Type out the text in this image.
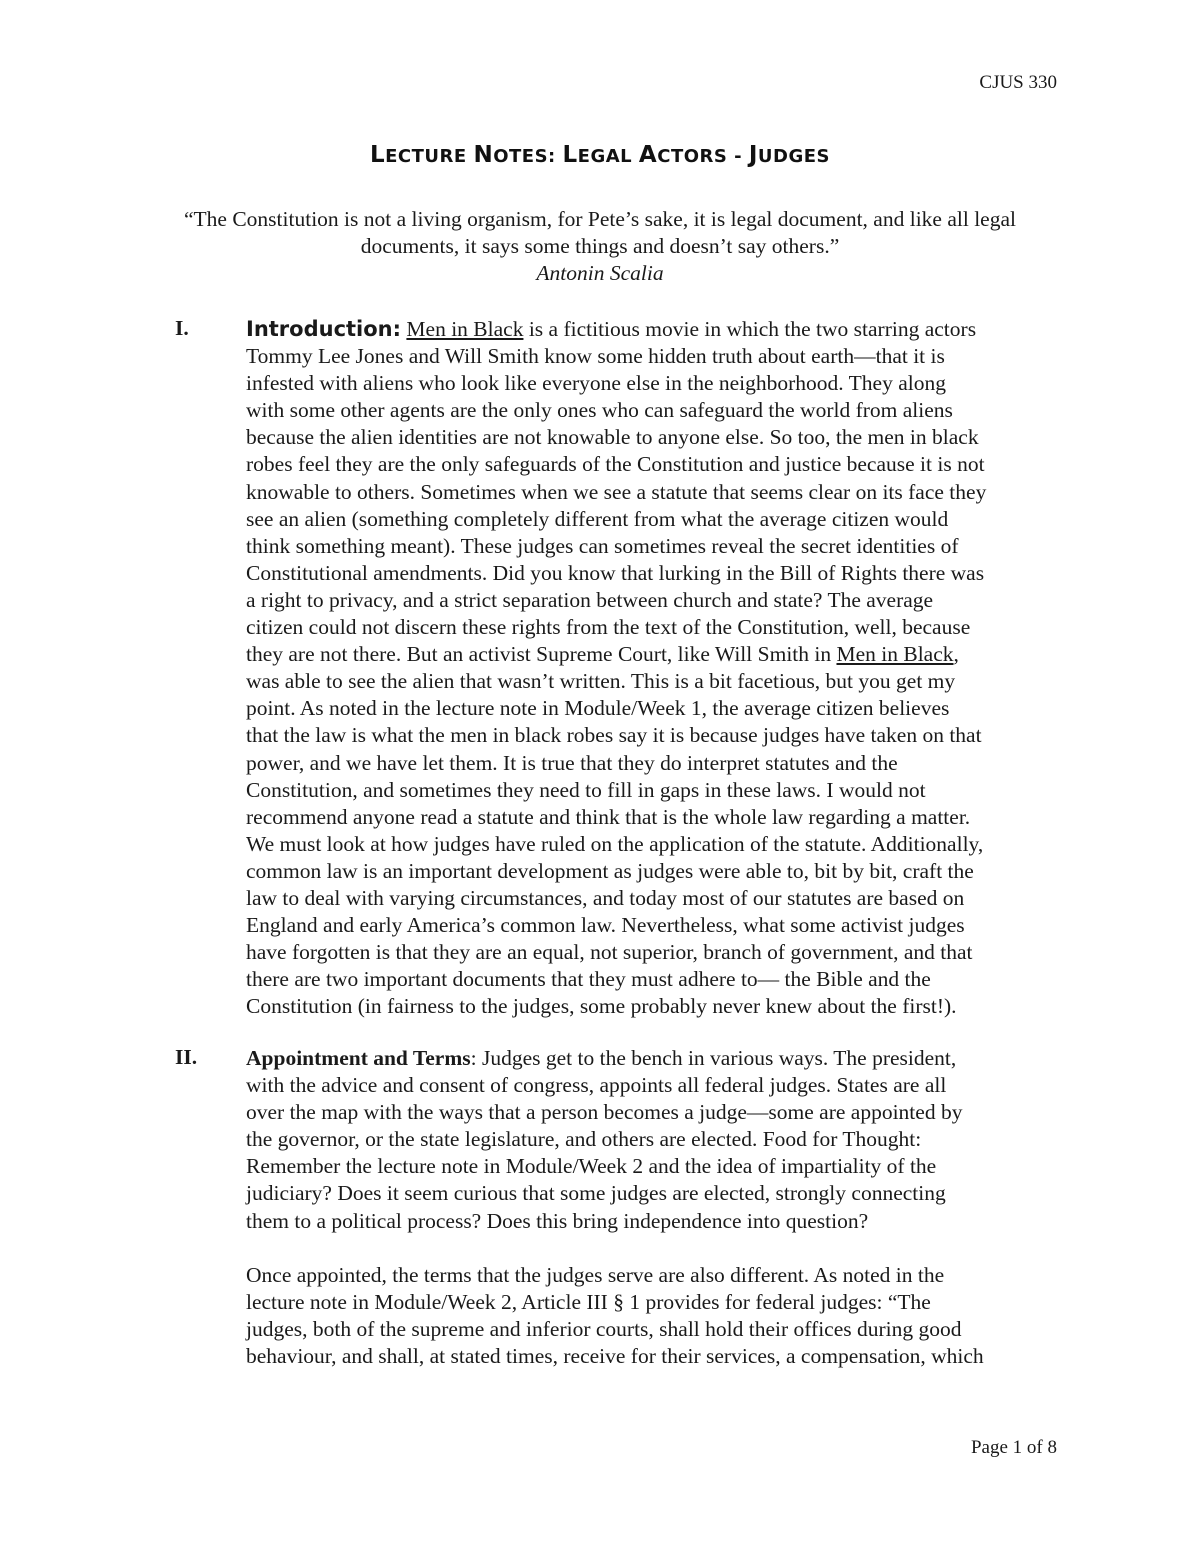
CJUS 330
LECTURE NOTES: LEGAL ACTORS - JUDGES
“The Constitution is not a living organism, for Pete’s sake, it is legal document, and like all legal
documents, it says some things and doesn’t say others.”
Antonin Scalia
I.	Introduction: Men in Black is a fictitious movie in which the two starring actors
Tommy Lee Jones and Will Smith know some hidden truth about earth—that it is
infested with aliens who look like everyone else in the neighborhood. They along
with some other agents are the only ones who can safeguard the world from aliens
because the alien identities are not knowable to anyone else. So too, the men in black
robes feel they are the only safeguards of the Constitution and justice because it is not
knowable to others. Sometimes when we see a statute that seems clear on its face they
see an alien (something completely different from what the average citizen would
think something meant). These judges can sometimes reveal the secret identities of
Constitutional amendments. Did you know that lurking in the Bill of Rights there was
a right to privacy, and a strict separation between church and state? The average
citizen could not discern these rights from the text of the Constitution, well, because
they are not there. But an activist Supreme Court, like Will Smith in Men in Black,
was able to see the alien that wasn’t written. This is a bit facetious, but you get my
point. As noted in the lecture note in Module/Week 1, the average citizen believes
that the law is what the men in black robes say it is because judges have taken on that
power, and we have let them. It is true that they do interpret statutes and the
Constitution, and sometimes they need to fill in gaps in these laws. I would not
recommend anyone read a statute and think that is the whole law regarding a matter.
We must look at how judges have ruled on the application of the statute. Additionally,
common law is an important development as judges were able to, bit by bit, craft the
law to deal with varying circumstances, and today most of our statutes are based on
England and early America’s common law. Nevertheless, what some activist judges
have forgotten is that they are an equal, not superior, branch of government, and that
there are two important documents that they must adhere to— the Bible and the
Constitution (in fairness to the judges, some probably never knew about the first!).
II. Appointment and Terms: Judges get to the bench in various ways. The president,
with the advice and consent of congress, appoints all federal judges. States are all
over the map with the ways that a person becomes a judge—some are appointed by
the governor, or the state legislature, and others are elected. Food for Thought:
Remember the lecture note in Module/Week 2 and the idea of impartiality of the
judiciary? Does it seem curious that some judges are elected, strongly connecting
them to a political process? Does this bring independence into question?
Once appointed, the terms that the judges serve are also different. As noted in the
lecture note in Module/Week 2, Article III § 1 provides for federal judges: “The
judges, both of the supreme and inferior courts, shall hold their offices during good
behaviour, and shall, at stated times, receive for their services, a compensation, which
Page 1 of 8
